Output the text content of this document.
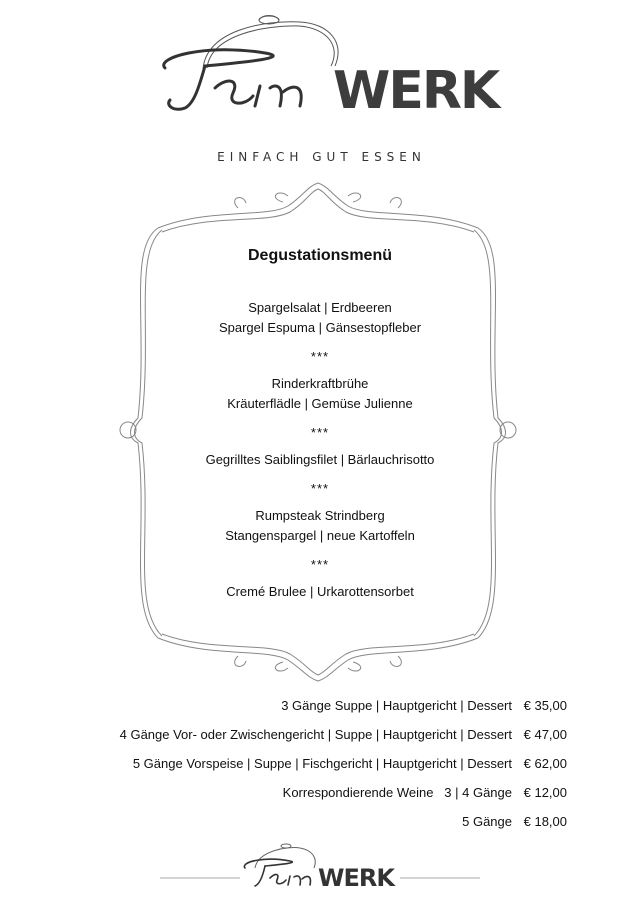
WERK
EINFACH GUT ESSEN
Degustationsmenü
Spargelsalat | Erdbeeren
Spargel Espuma | Gänsestopfleber
***
Rinderkraftbrühe
Kräuterflädle | Gemüse Julienne
***
Gegrilltes Saiblingsfilet | Bärlauchrisotto
***
Rumpsteak Strindberg
Stangenspargel | neue Kartoffeln
***
Cremé Brulee | Urkarottensorbet
3 Gänge Suppe | Hauptgericht | Dessert € 35,00
4 Gänge Vor- oder Zwischengericht | Suppe | Hauptgericht | Dessert € 47,00
5 Gänge Vorspeise | Suppe | Fischgericht | Hauptgericht | Dessert € 62,00
Korrespondierende Weine   3 | 4 Gänge € 12,00
5 Gänge € 18,00
WERK
